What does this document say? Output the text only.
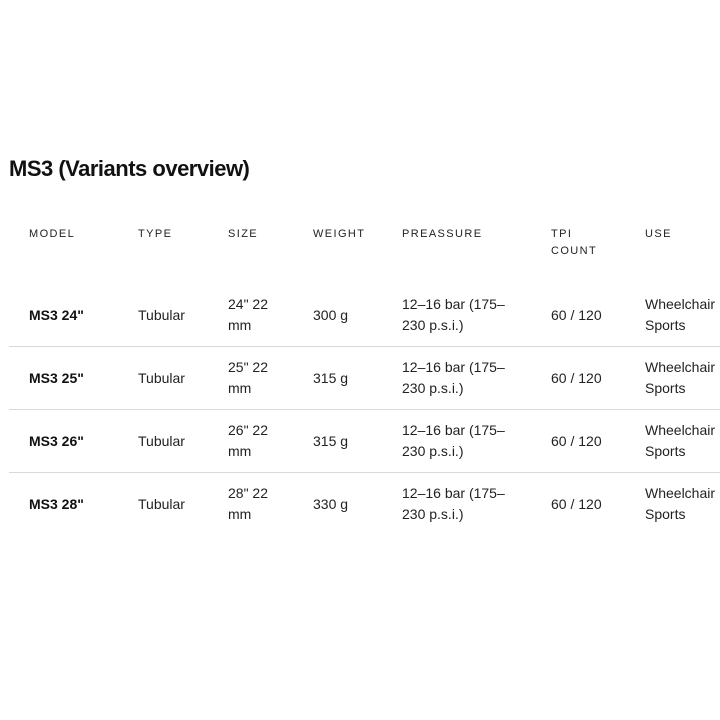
MS3 (Variants overview)
MODEL	TYPE	SIZE	WEIGHT	PREASSURE	TPI COUNT	USE
MS3 24"	Tubular	24" 22 mm	300 g	12–16 bar (175–230 p.s.i.)	60 / 120	Wheelchair Sports
MS3 25"	Tubular	25" 22 mm	315 g	12–16 bar (175–230 p.s.i.)	60 / 120	Wheelchair Sports
MS3 26"	Tubular	26" 22 mm	315 g	12–16 bar (175–230 p.s.i.)	60 / 120	Wheelchair Sports
MS3 28"	Tubular	28" 22 mm	330 g	12–16 bar (175–230 p.s.i.)	60 / 120	Wheelchair Sports
